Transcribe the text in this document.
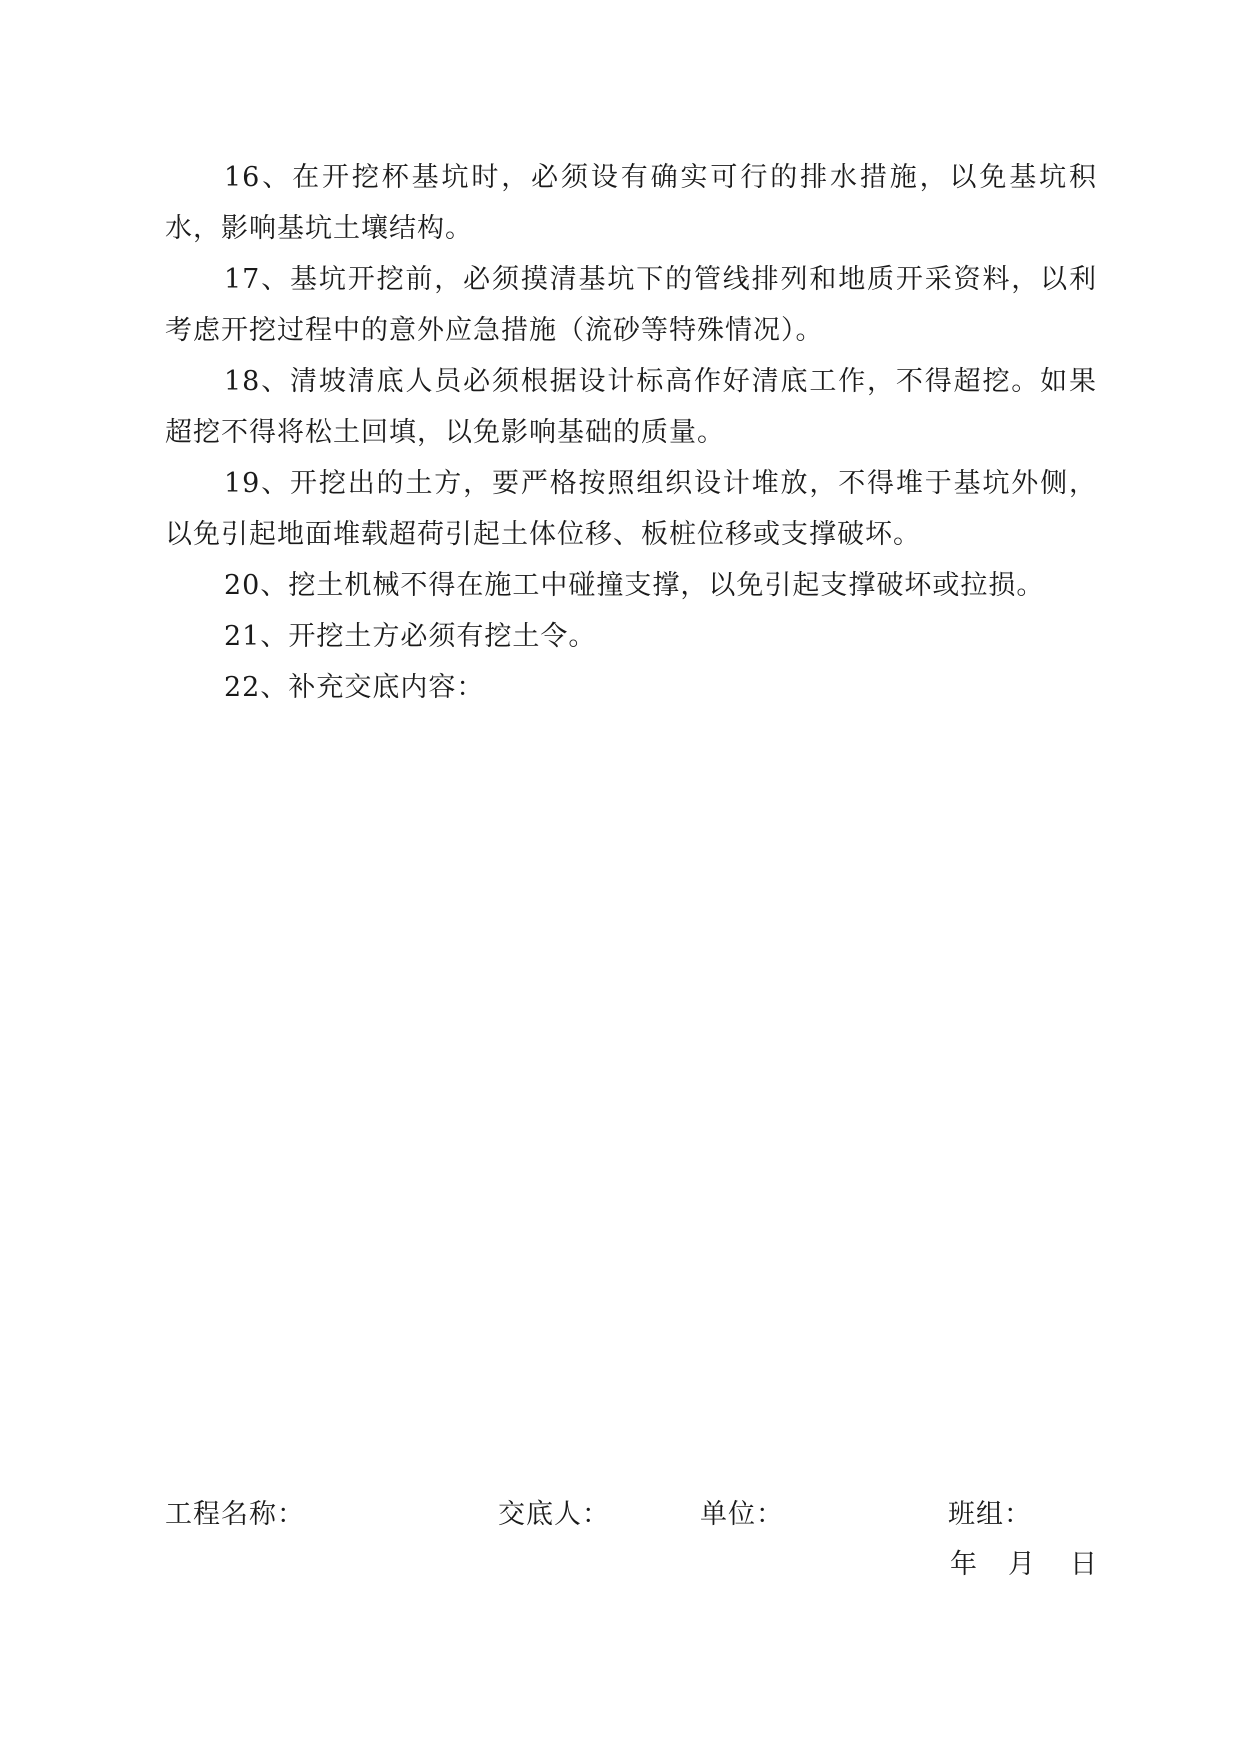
16、在开挖杯基坑时，必须设有确实可行的排水措施，以免基坑积水，影响基坑土壤结构。

17、基坑开挖前，必须摸清基坑下的管线排列和地质开采资料，以利考虑开挖过程中的意外应急措施（流砂等特殊情况）。

18、清坡清底人员必须根据设计标高作好清底工作，不得超挖。如果超挖不得将松土回填，以免影响基础的质量。

19、开挖出的土方，要严格按照组织设计堆放，不得堆于基坑外侧，以免引起地面堆载超荷引起土体位移、板桩位移或支撑破坏。

20、挖土机械不得在施工中碰撞支撑，以免引起支撑破坏或拉损。

21、开挖土方必须有挖土令。

22、补充交底内容：

工程名称：	交底人：	单位：	班组：
年 月 日
